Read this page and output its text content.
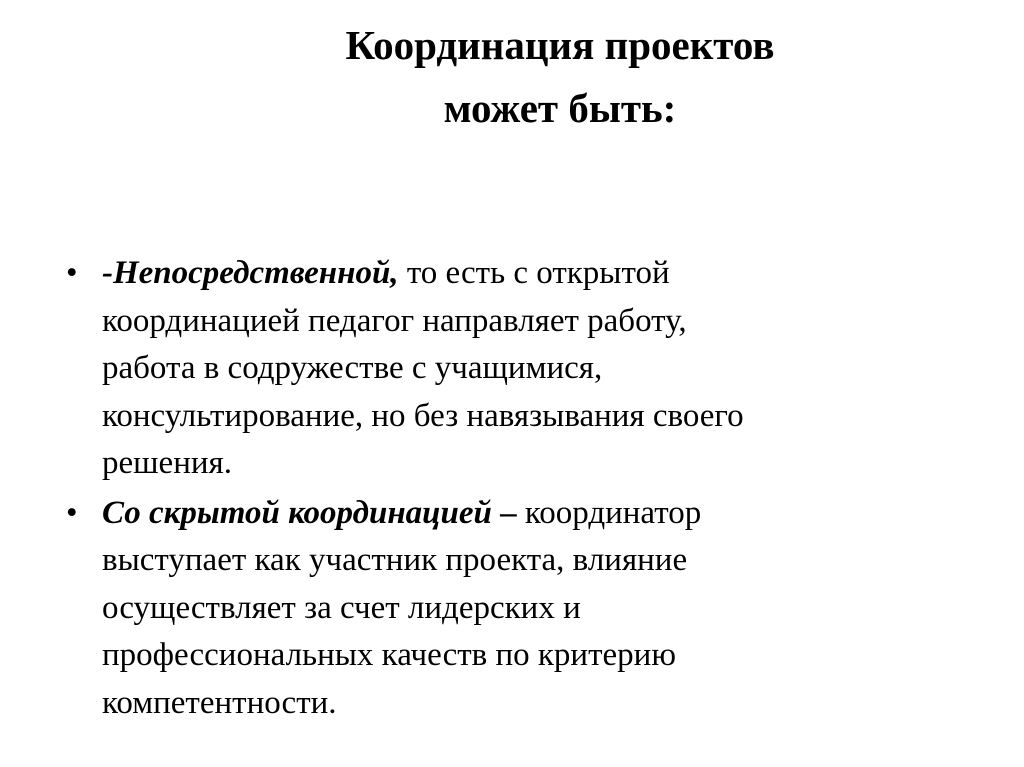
Координация проектов
может быть:
• -Непосредственной, то есть с открытой
координацией педагог направляет работу,
работа в содружестве с учащимися,
консультирование, но без навязывания своего
решения.
• Со скрытой координацией – координатор
выступает как участник проекта, влияние
осуществляет за счет лидерских и
профессиональных качеств по критерию
компетентности.
